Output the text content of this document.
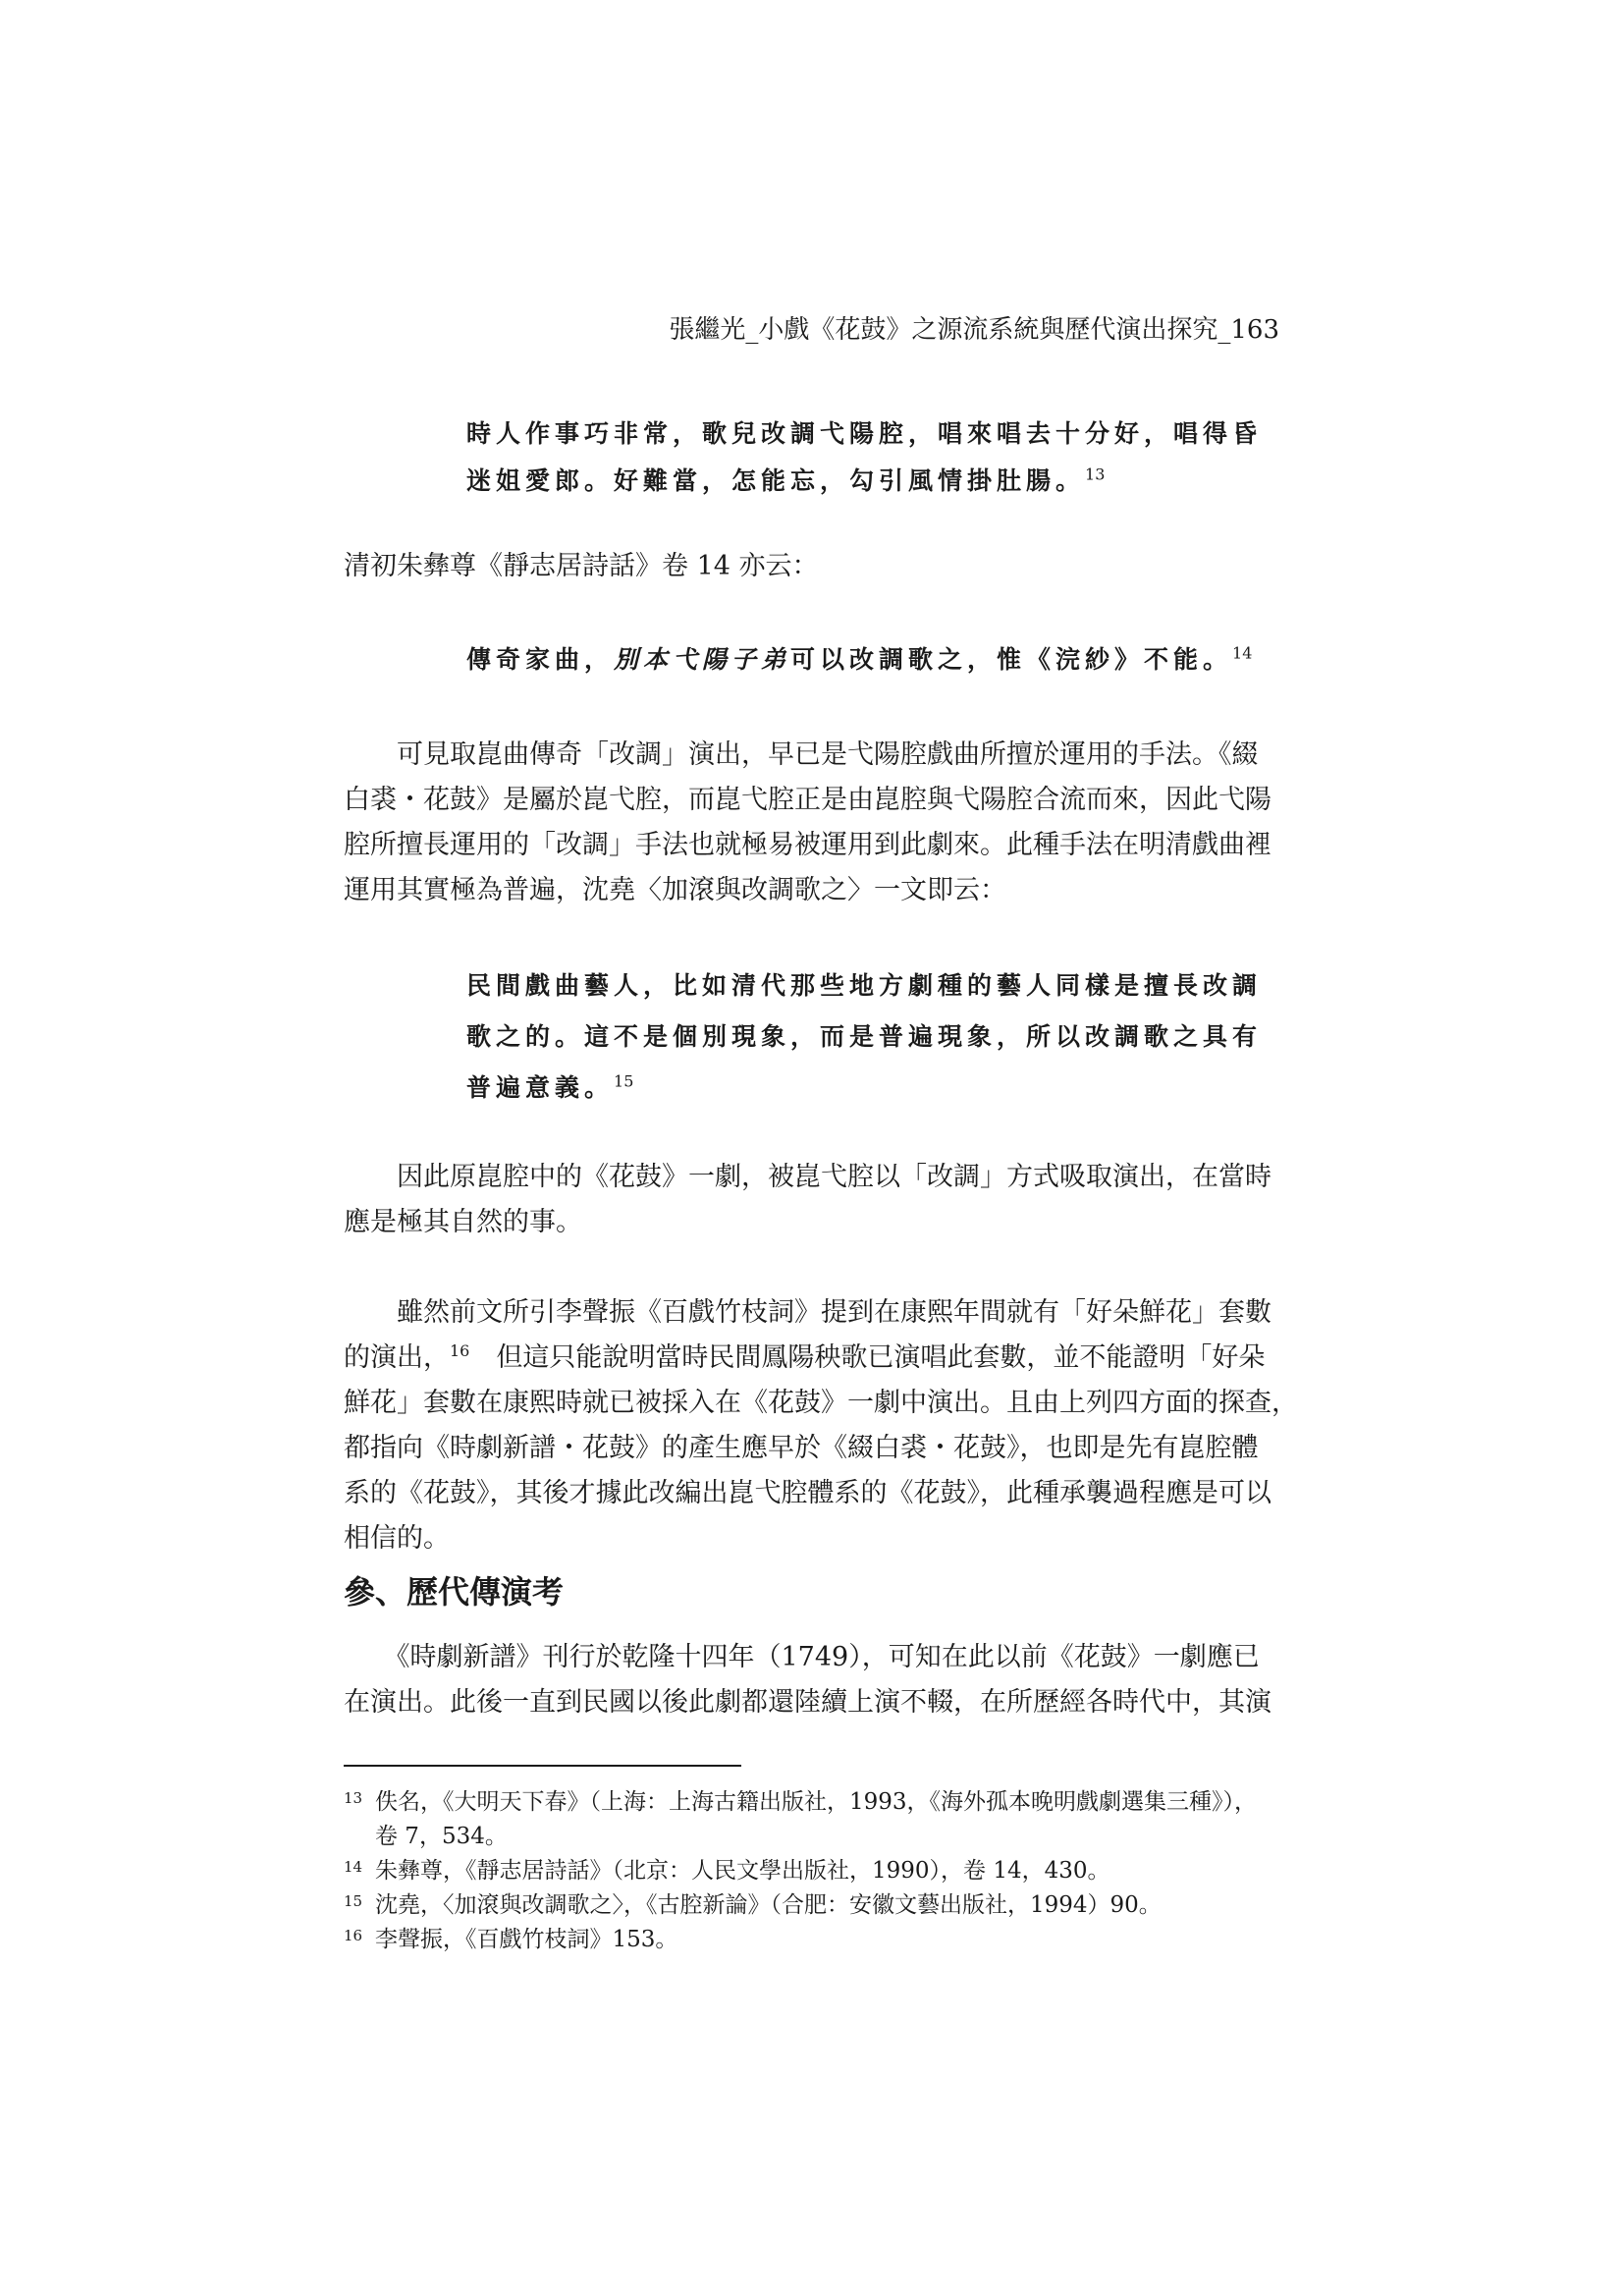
張繼光_小戲《花鼓》之源流系統與歷代演出探究_163
時人作事巧非常，歌兒改調弋陽腔，唱來唱去十分好，唱得昏
迷姐愛郎。好難當，怎能忘，勾引風情掛肚腸。$^{13}$
清初朱彝尊《靜志居詩話》卷 14 亦云：
傳奇家曲，別本弋陽子弟可以改調歌之，惟《浣紗》不能。$^{14}$
　　可見取崑曲傳奇「改調」演出，早已是弋陽腔戲曲所擅於運用的手法。《綴
白裘・花鼓》是屬於崑弋腔，而崑弋腔正是由崑腔與弋陽腔合流而來，因此弋陽
腔所擅長運用的「改調」手法也就極易被運用到此劇來。此種手法在明清戲曲裡
運用其實極為普遍，沈堯〈加滾與改調歌之〉一文即云：
民間戲曲藝人，比如清代那些地方劇種的藝人同樣是擅長改調
歌之的。這不是個別現象，而是普遍現象，所以改調歌之具有
普遍意義。$^{15}$
　　因此原崑腔中的《花鼓》一劇，被崑弋腔以「改調」方式吸取演出，在當時
應是極其自然的事。
　　雖然前文所引李聲振《百戲竹枝詞》提到在康熙年間就有「好朵鮮花」套數
的演出，$^{16}$　但這只能說明當時民間鳳陽秧歌已演唱此套數，並不能證明「好朵
鮮花」套數在康熙時就已被採入在《花鼓》一劇中演出。且由上列四方面的探查，
都指向《時劇新譜・花鼓》的產生應早於《綴白裘・花鼓》，也即是先有崑腔體
系的《花鼓》，其後才據此改編出崑弋腔體系的《花鼓》，此種承襲過程應是可以
相信的。
參、歷代傳演考
　　《時劇新譜》刊行於乾隆十四年（1749），可知在此以前《花鼓》一劇應已
在演出。此後一直到民國以後此劇都還陸續上演不輟，在所歷經各時代中，其演
13 佚名，《大明天下春》（上海：上海古籍出版社，1993，《海外孤本晚明戲劇選集三種》），
卷 7，534。
14 朱彝尊，《靜志居詩話》（北京：人民文學出版社，1990），卷 14，430。
15 沈堯，〈加滾與改調歌之〉，《古腔新論》（合肥：安徽文藝出版社，1994）90。
16 李聲振，《百戲竹枝詞》153。
